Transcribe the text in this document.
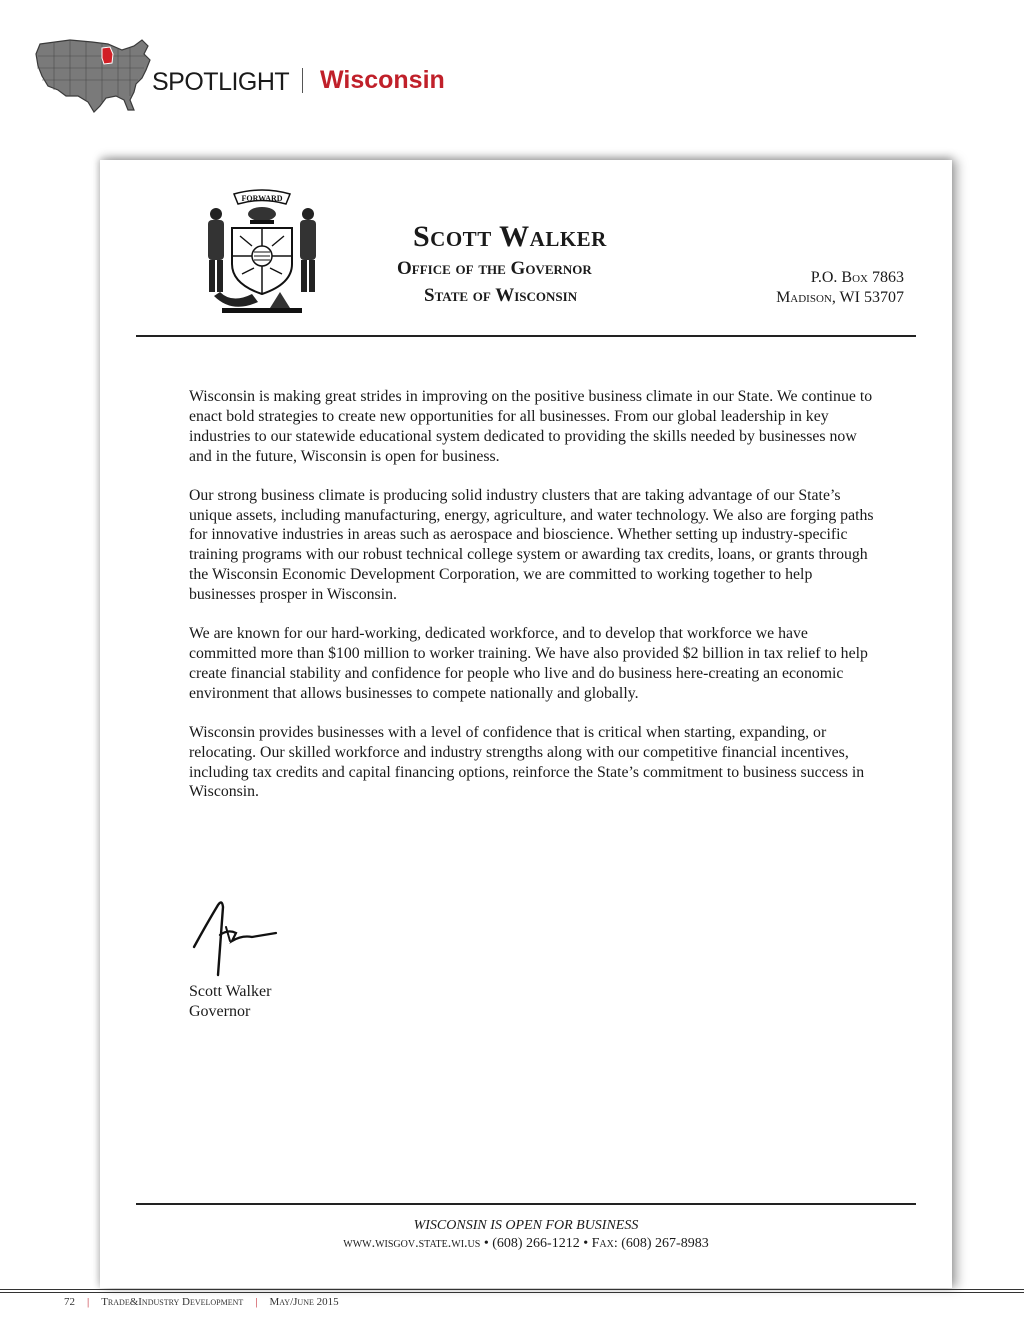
SPOTLIGHT Wisconsin
FORWARD
Scott Walker
Office of the Governor
State of Wisconsin
P.O. Box 7863
Madison, WI 53707

Wisconsin is making great strides in improving on the positive business climate in our State. We continue to enact bold strategies to create new opportunities for all businesses. From our global leadership in key industries to our statewide educational system dedicated to providing the skills needed by businesses now and in the future, Wisconsin is open for business.

Our strong business climate is producing solid industry clusters that are taking advantage of our State’s unique assets, including manufacturing, energy, agriculture, and water technology. We also are forging paths for innovative industries in areas such as aerospace and bioscience. Whether setting up industry-specific training programs with our robust technical college system or awarding tax credits, loans, or grants through the Wisconsin Economic Development Corporation, we are committed to working together to help businesses prosper in Wisconsin.

We are known for our hard-working, dedicated workforce, and to develop that workforce we have committed more than $100 million to worker training. We have also provided $2 billion in tax relief to help create financial stability and confidence for people who live and do business here-creating an economic environment that allows businesses to compete nationally and globally.

Wisconsin provides businesses with a level of confidence that is critical when starting, expanding, or relocating. Our skilled workforce and industry strengths along with our competitive financial incentives, including tax credits and capital financing options, reinforce the State’s commitment to business success in Wisconsin.

Scott Walker
Governor
WISCONSIN IS OPEN FOR BUSINESS
www.wisgov.state.wi.us • (608) 266-1212 • Fax: (608) 267-8983
72 | Trade&Industry Development | May/June 2015
